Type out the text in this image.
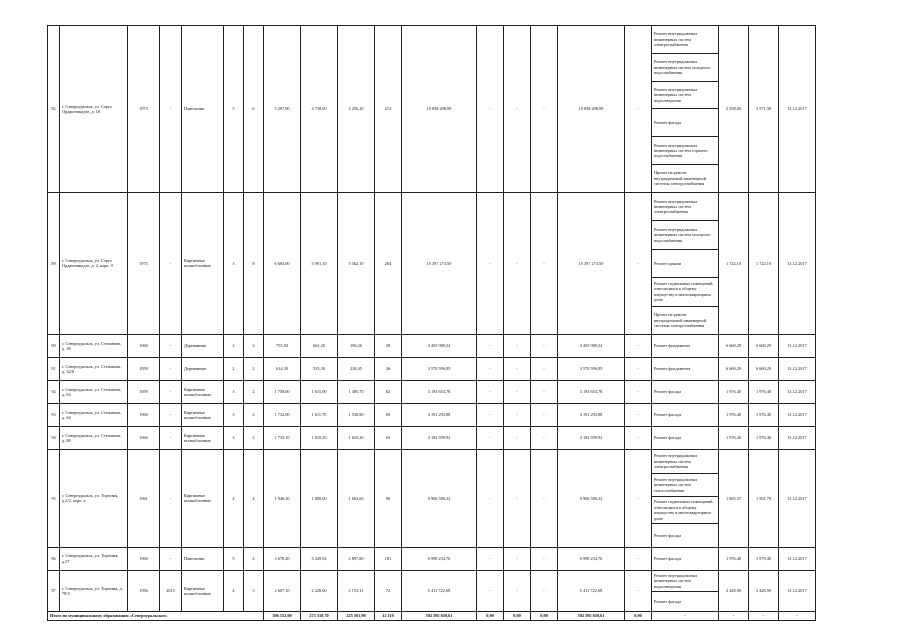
82	г. Североуральск, ул. Серго Орджоникидзе, д. 16	1973	-	Панельные	5	6	5 297,00	4 738,00	4 256,20	213	10 838 208,98	-	-	-	10 838 208,98	-	Ремонт внутридомовых инженерных систем электроснабжения	2 358,00	3 571,38	31.12.2017
																	Ремонт внутридомовых инженерных систем холодного водоснабжения			
																	Ремонт внутридомовых инженерных систем водоотведения			
																	Ремонт фасада			
																	Ремонт внутридомовых инженерных систем горячего водоснабжения			
																	Проект на ремонт внутридомовой инженерной системы электроснабжения			
89	г. Североуральск, ул. Серго Орджоникидзе, д. 2, корп. 9	1973	-	Кирпичные шлакоблочные	3	8	6 604,00	5 991,10	5 362,10	264	10 397 273,50	-	-	-	10 397 273,50	-	Ремонт внутридомовых инженерных систем электроснабжения	1 722,10	1 722,10	31.12.2017
																	Ремонт внутридомовых инженерных систем холодного водоснабжения			
																	Ремонт крыши			
																	Ремонт подвальных помещений, относящихся к общему имуществу в многоквартирном доме			
																	Проект на ремонт внутридомовой инженерной системы электроснабжения			
90	г. Североуральск, ул. Степанова, д. 38	1960	-	Деревянные	2	2	755,50	661,20	196,26	29	4 459 989,34	-	-	-	4 459 989,34	-	Ремонт фундамента	6 669,29	6 669,29	31.12.2017
91	г. Североуральск, ул. Степанова, д. 32/8	1959	-	Деревянные	2	2	614,30	535,30	228,45	26	3 570 596,85	-	-	-	3 570 596,85	-	Ремонт фундамента	6 669,29	6 669,29	31.12.2017
92	г. Североуральск, ул. Степанова, д. 63	1959	-	Кирпичные шлакоблочные	3	2	1 758,00	1 615,00	1 485,70	62	3 193 654,78	-	-	-	3 193 654,78	-	Ремонт фасада	1 976,40	1 976,40	31.12.2017
93	г. Североуральск, ул. Степанова, д. 64	1960	-	Кирпичные шлакоблочные	3	2	1 732,00	1 611,70	1 530,80	69	3 191 293,88	-	-	-	3 191 293,88	-	Ремонт фасада	1 976,40	1 976,40	31.12.2017
94	г. Североуральск, ул. Степанова, д. 68	1960	-	Кирпичные шлакоблочные	3	2	1 733,10	1 610,20	1 610,20	63	3 182 599,92	-	-	-	3 182 599,92	-	Ремонт фасада	1 976,40	1 976,40	31.12.2017
95	г. Североуральск, ул. Торговая, д.2/2, корп. а	1961	-	Кирпичные шлакоблочные	4	4	1 946,30	1 800,00	1 663,60	96	9 906 580,32	-	-	-	9 906 580,32	-	Ремонт внутридомовых инженерных систем электроснабжения	1 865,57	1 561,79	31.12.2017
																	Ремонт внутридомовых инженерных систем теплоснабжения			
																	Ремонт подвальных помещений, относящихся к общему имуществу в многоквартирном доме			
																	Ремонт фасада			
96	г. Североуральск, ул. Торговая, д.57	1960	-	Панельные	5	4	3 678,40	3 349,92	2 897,80	181	6 998 234,76	-	-	-	6 998 234,76	-	Ремонт фасада	1 976,40	1 979,40	31.12.2017
97	г. Североуральск, ул. Торговая, д. 78/3	1956	2015	Кирпичные шлакоблочные	4	3	2 607,10	2 228,00	2 153,11	72	5 411 722,68	-	-	-	5 411 722,68	-	Ремонт внутридомовых инженерных систем водоотведения	2 428,90	2 428,90	31.12.2017
																	Ремонт фасада			
Итого по муниципальному образованию «Североуральское»							306 152,00	275 510,70	225 501,90	12 119	592 595 659,61	0,00	0,00	0,00	592 595 659,61	0,00	-	-	-	-
